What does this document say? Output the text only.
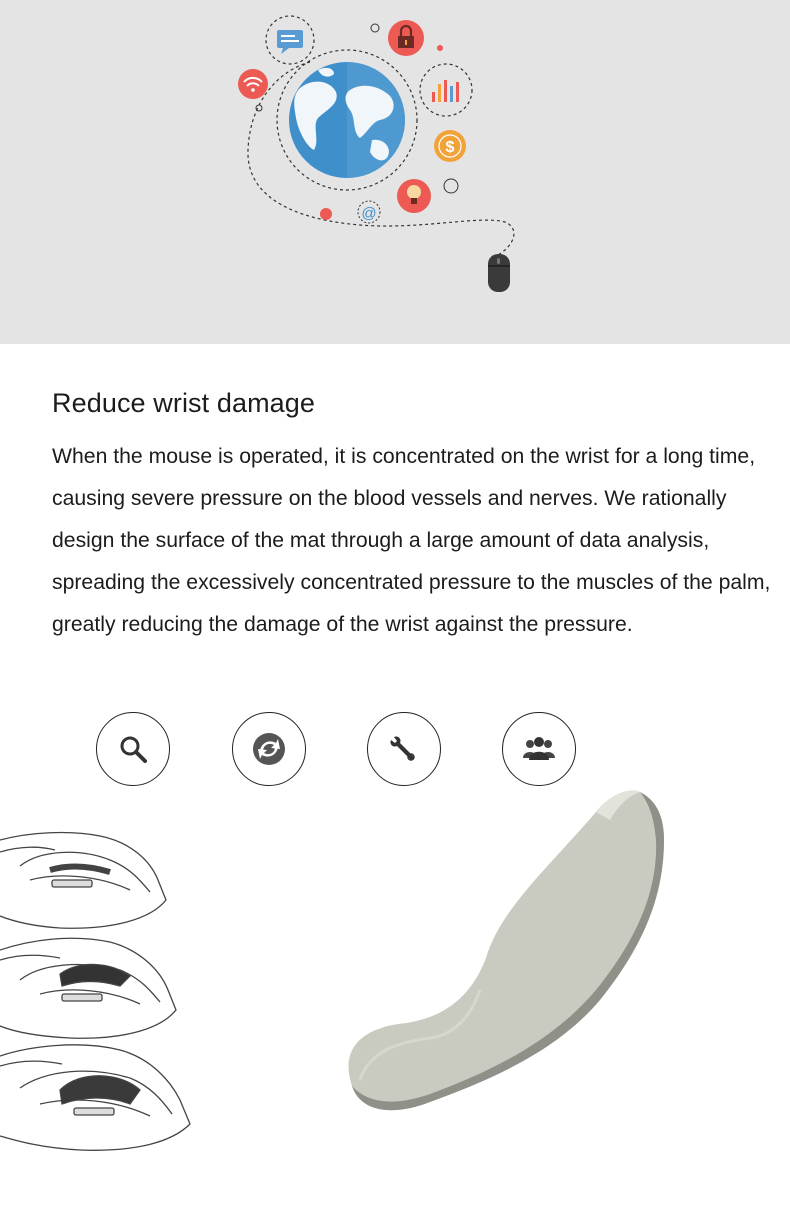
$
@
Reduce wrist damage

When the mouse is operated, it is concentrated on the wrist for a long time, causing severe pressure on the blood vessels and nerves. We rationally design the surface of the mat through a large amount of data analysis, spreading the excessively concentrated pressure to the muscles of the palm, greatly reducing the damage of the wrist against the pressure.
